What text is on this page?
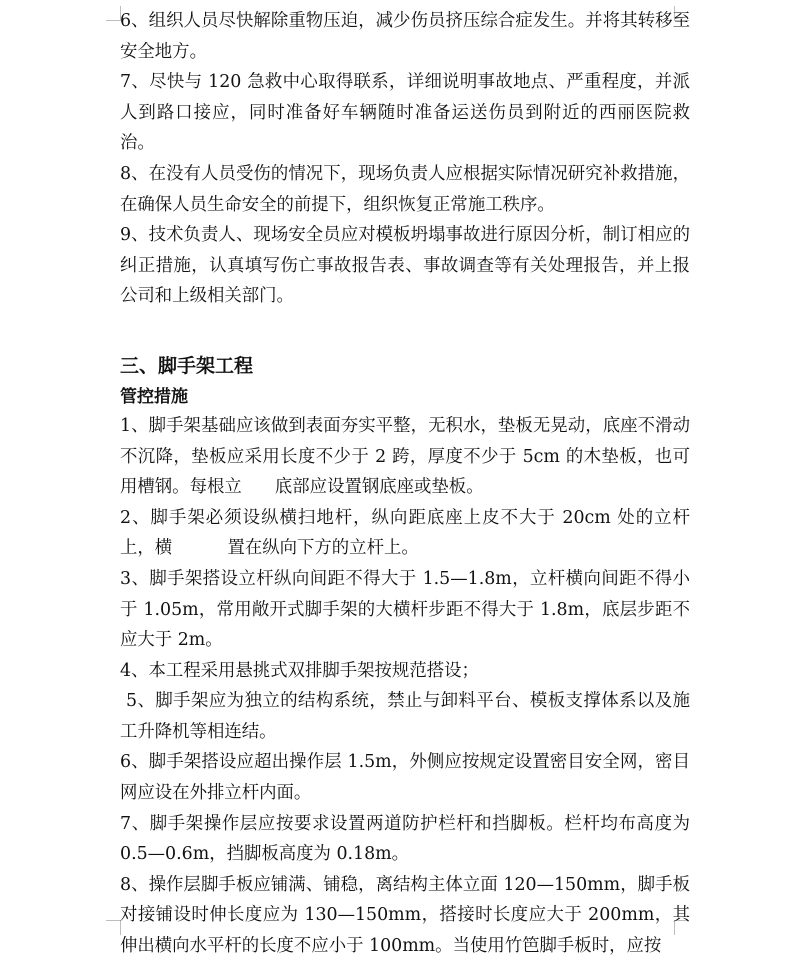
6、组织人员尽快解除重物压迫，减少伤员挤压综合症发生。并将其转移至安全地方。

7、尽快与 120 急救中心取得联系，详细说明事故地点、严重程度，并派人到路口接应，同时准备好车辆随时准备运送伤员到附近的西丽医院救治。

8、在没有人员受伤的情况下，现场负责人应根据实际情况研究补救措施，在确保人员生命安全的前提下，组织恢复正常施工秩序。

9、技术负责人、现场安全员应对模板坍塌事故进行原因分析，制订相应的纠正措施，认真填写伤亡事故报告表、事故调查等有关处理报告，并上报公司和上级相关部门。

三、脚手架工程
管控措施

1、脚手架基础应该做到表面夯实平整，无积水，垫板无晃动，底座不滑动不沉降，垫板应采用长度不少于 2 跨，厚度不少于 5cm 的木垫板，也可用槽钢。每根立      底部应设置钢底座或垫板。

2、脚手架必须设纵横扫地杆，纵向距底座上皮不大于 20cm 处的立杆上，横          置在纵向下方的立杆上。

3、脚手架搭设立杆纵向间距不得大于 1.5—1.8m，立杆横向间距不得小于 1.05m，常用敞开式脚手架的大横杆步距不得大于 1.8m，底层步距不应大于 2m。

4、本工程采用悬挑式双排脚手架按规范搭设；

5、脚手架应为独立的结构系统，禁止与卸料平台、模板支撑体系以及施工升降机等相连结。

6、脚手架搭设应超出操作层 1.5m，外侧应按规定设置密目安全网，密目网应设在外排立杆内面。

7、脚手架操作层应按要求设置两道防护栏杆和挡脚板。栏杆均布高度为 0.5—0.6m，挡脚板高度为 0.18m。

8、操作层脚手板应铺满、铺稳，离结构主体立面 120—150mm，脚手板对接铺设时伸长度应为 130—150mm，搭接时长度应大于 200mm，其伸出横向水平杆的长度不应小于 100mm。当使用竹笆脚手板时，应按
